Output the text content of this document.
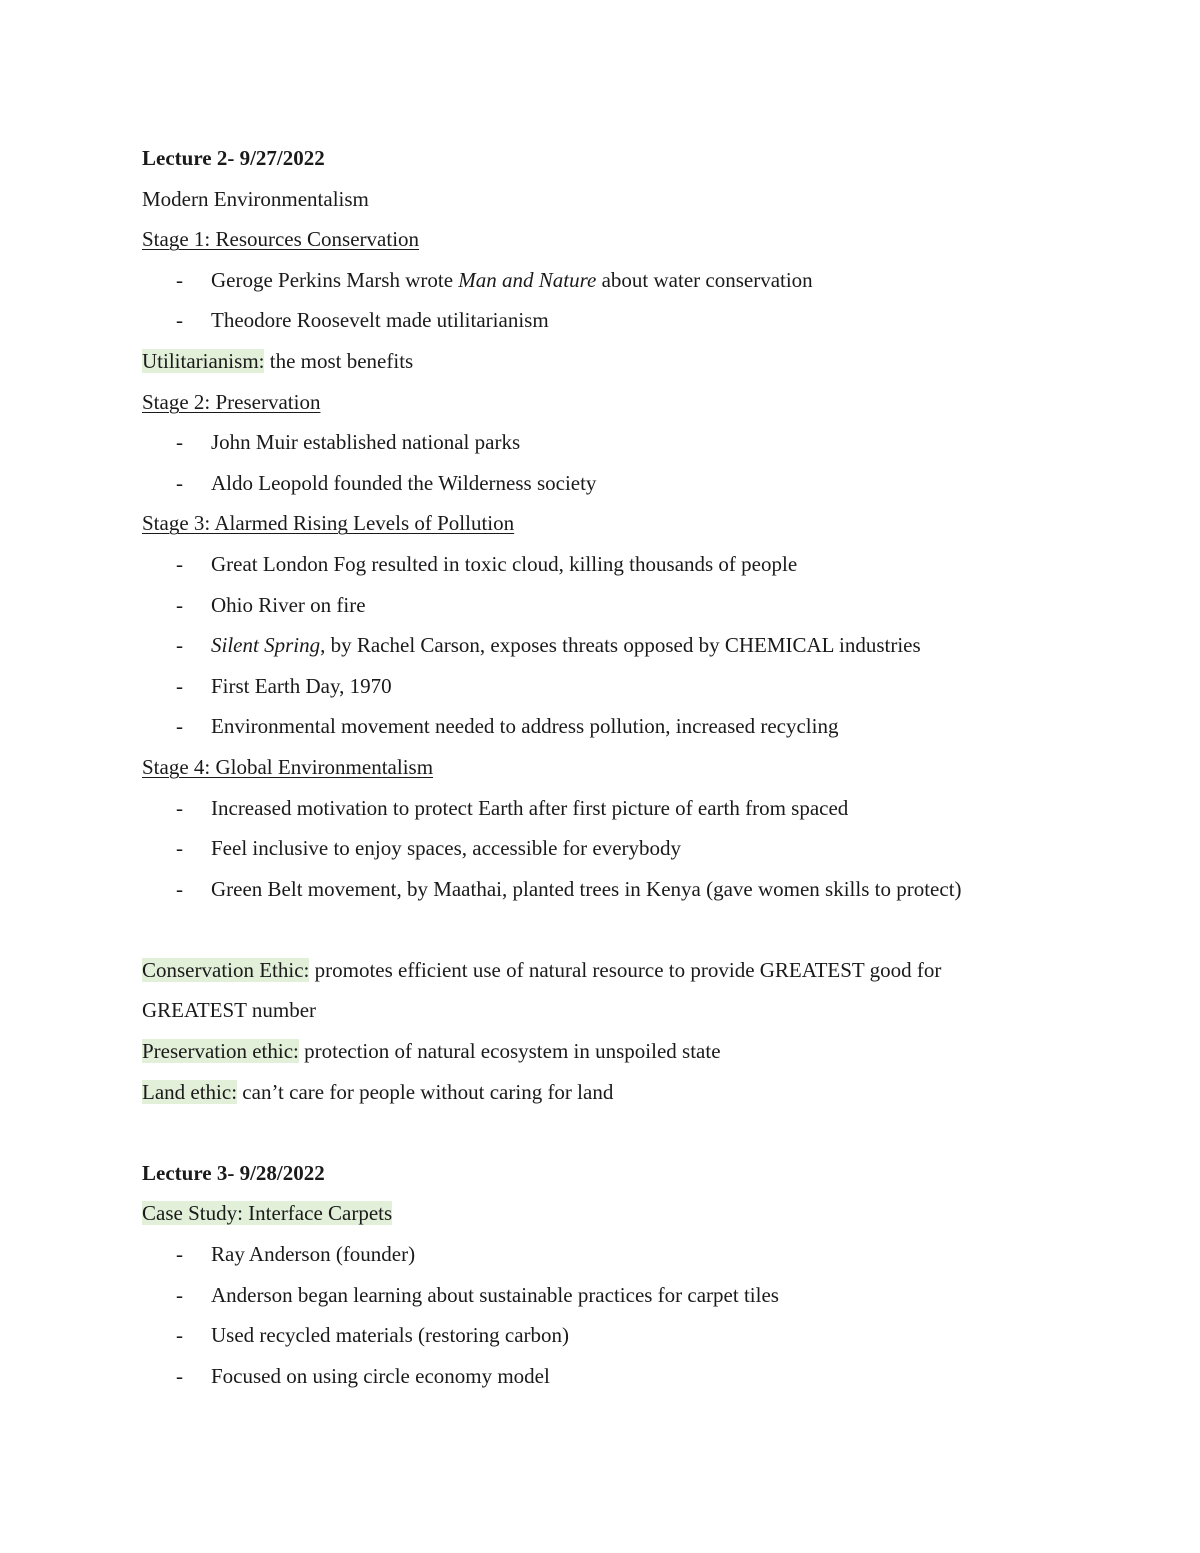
Lecture 2- 9/27/2022
Modern Environmentalism
Stage 1: Resources Conservation
- Geroge Perkins Marsh wrote Man and Nature about water conservation
- Theodore Roosevelt made utilitarianism
Utilitarianism: the most benefits
Stage 2: Preservation
- John Muir established national parks
- Aldo Leopold founded the Wilderness society
Stage 3: Alarmed Rising Levels of Pollution
- Great London Fog resulted in toxic cloud, killing thousands of people
- Ohio River on fire
- Silent Spring, by Rachel Carson, exposes threats opposed by CHEMICAL industries
- First Earth Day, 1970
- Environmental movement needed to address pollution, increased recycling
Stage 4: Global Environmentalism
- Increased motivation to protect Earth after first picture of earth from spaced
- Feel inclusive to enjoy spaces, accessible for everybody
- Green Belt movement, by Maathai, planted trees in Kenya (gave women skills to protect)
Conservation Ethic: promotes efficient use of natural resource to provide GREATEST good for
GREATEST number
Preservation ethic: protection of natural ecosystem in unspoiled state
Land ethic: can’t care for people without caring for land
Lecture 3- 9/28/2022
Case Study: Interface Carpets
- Ray Anderson (founder)
- Anderson began learning about sustainable practices for carpet tiles
- Used recycled materials (restoring carbon)
- Focused on using circle economy model
